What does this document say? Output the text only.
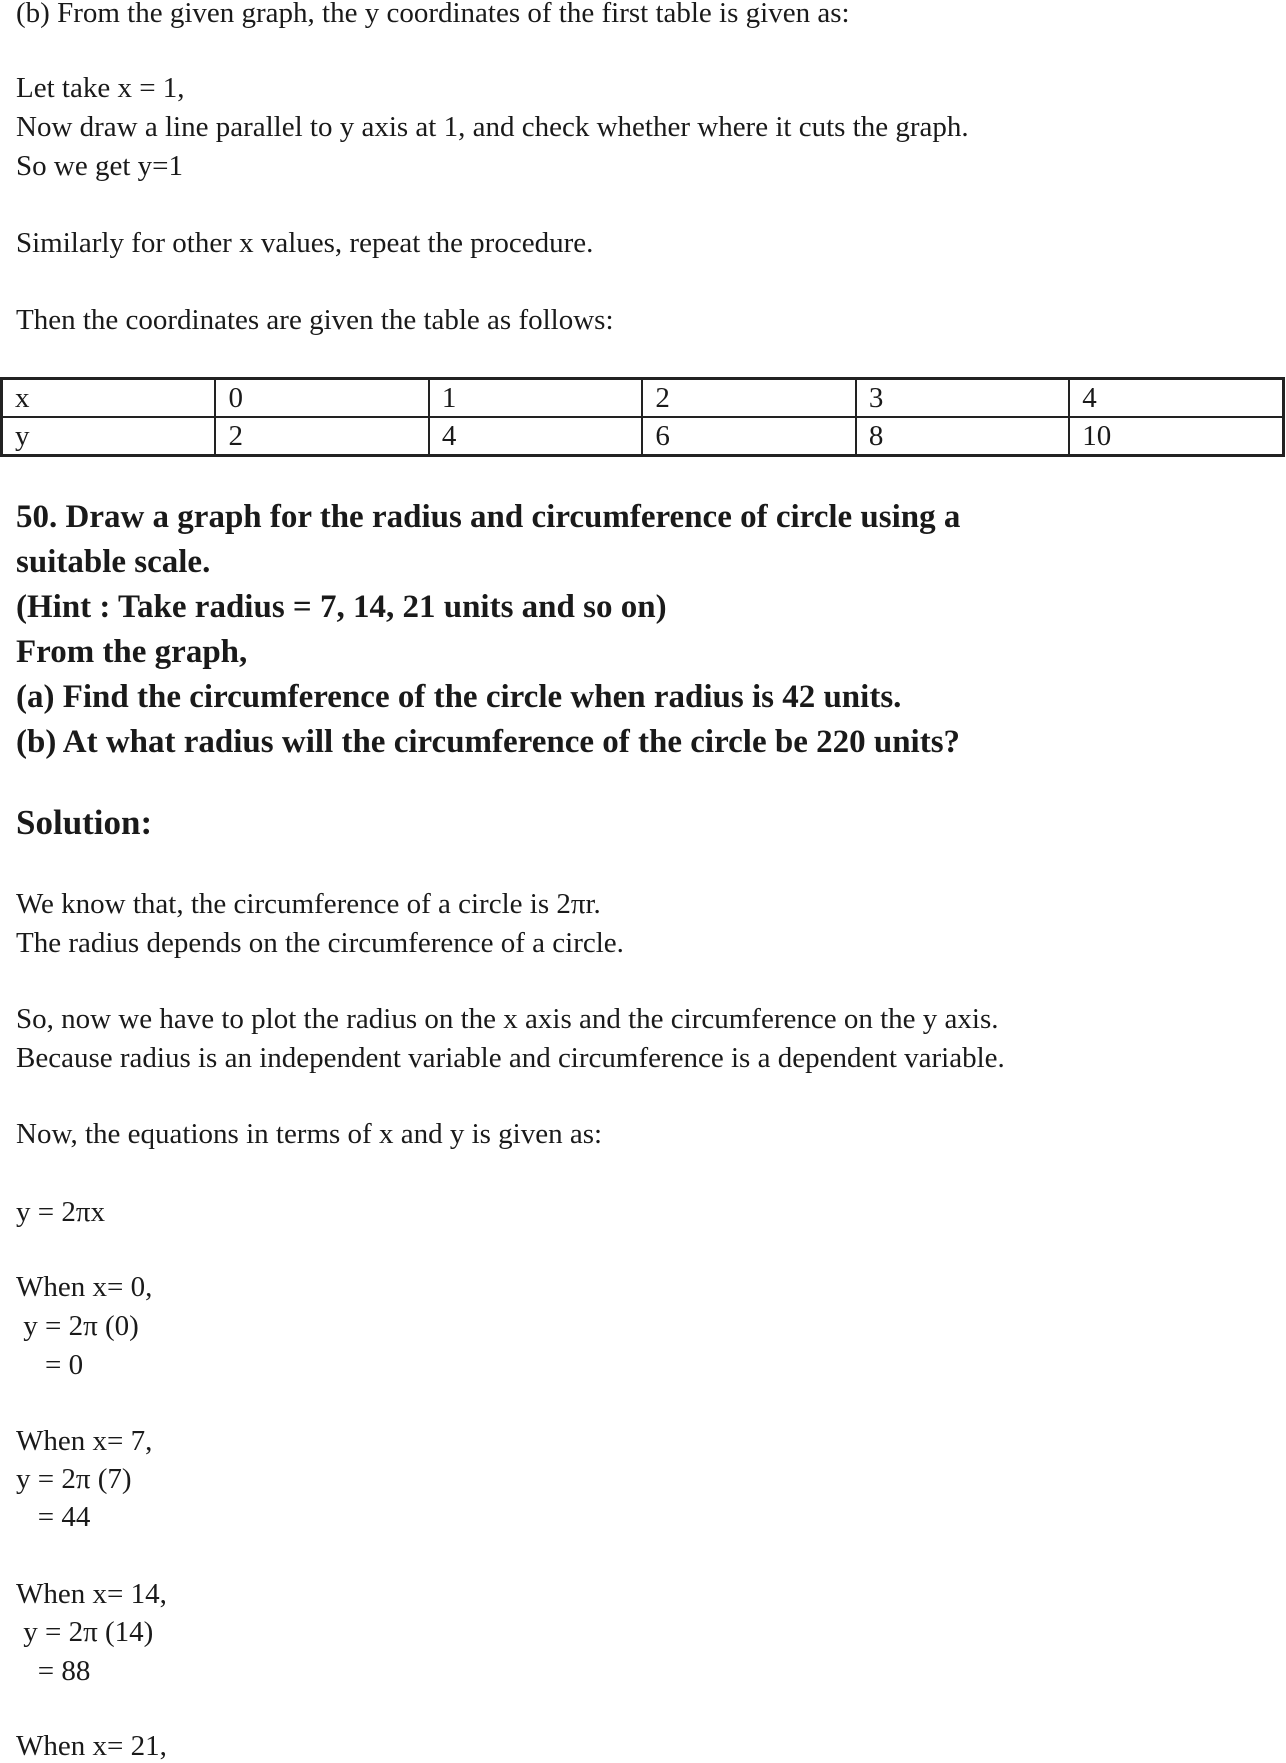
(b) From the given graph, the y coordinates of the first table is given as:
Let take x = 1,
Now draw a line parallel to y axis at 1, and check whether where it cuts the graph.
So we get y=1
Similarly for other x values, repeat the procedure.
Then the coordinates are given the table as follows:
x	0	1	2	3	4
y	2	4	6	8	10
50. Draw a graph for the radius and circumference of circle using a
suitable scale.
(Hint : Take radius = 7, 14, 21 units and so on)
From the graph,
(a) Find the circumference of the circle when radius is 42 units.
(b) At what radius will the circumference of the circle be 220 units?
Solution:
We know that, the circumference of a circle is 2πr.
The radius depends on the circumference of a circle.
So, now we have to plot the radius on the x axis and the circumference on the y axis.
Because radius is an independent variable and circumference is a dependent variable.
Now, the equations in terms of x and y is given as:
y = 2πx
When x= 0,
y = 2π (0)
= 0
When x= 7,
y = 2π (7)
= 44
When x= 14,
y = 2π (14)
= 88
When x= 21,
